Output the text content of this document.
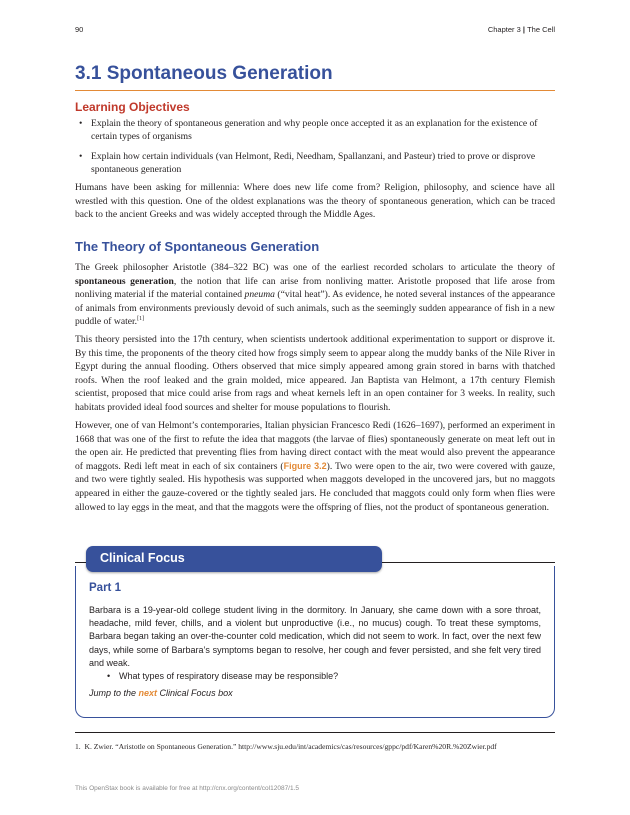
90	Chapter 3 | The Cell
3.1 Spontaneous Generation
Learning Objectives
• Explain the theory of spontaneous generation and why people once accepted it as an explanation for the existence of certain types of organisms
• Explain how certain individuals (van Helmont, Redi, Needham, Spallanzani, and Pasteur) tried to prove or disprove spontaneous generation

Humans have been asking for millennia: Where does new life come from? Religion, philosophy, and science have all wrestled with this question. One of the oldest explanations was the theory of spontaneous generation, which can be traced back to the ancient Greeks and was widely accepted through the Middle Ages.

The Theory of Spontaneous Generation

The Greek philosopher Aristotle (384–322 BC) was one of the earliest recorded scholars to articulate the theory of spontaneous generation, the notion that life can arise from nonliving matter. Aristotle proposed that life arose from nonliving material if the material contained pneuma (“vital heat”). As evidence, he noted several instances of the appearance of animals from environments previously devoid of such animals, such as the seemingly sudden appearance of fish in a new puddle of water.[1]

This theory persisted into the 17th century, when scientists undertook additional experimentation to support or disprove it. By this time, the proponents of the theory cited how frogs simply seem to appear along the muddy banks of the Nile River in Egypt during the annual flooding. Others observed that mice simply appeared among grain stored in barns with thatched roofs. When the roof leaked and the grain molded, mice appeared. Jan Baptista van Helmont, a 17th century Flemish scientist, proposed that mice could arise from rags and wheat kernels left in an open container for 3 weeks. In reality, such habitats provided ideal food sources and shelter for mouse populations to flourish.

However, one of van Helmont’s contemporaries, Italian physician Francesco Redi (1626–1697), performed an experiment in 1668 that was one of the first to refute the idea that maggots (the larvae of flies) spontaneously generate on meat left out in the open air. He predicted that preventing flies from having direct contact with the meat would also prevent the appearance of maggots. Redi left meat in each of six containers (Figure 3.2). Two were open to the air, two were covered with gauze, and two were tightly sealed. His hypothesis was supported when maggots developed in the uncovered jars, but no maggots appeared in either the gauze-covered or the tightly sealed jars. He concluded that maggots could only form when flies were allowed to lay eggs in the meat, and that the maggots were the offspring of flies, not the product of spontaneous generation.

Clinical Focus
Part 1

Barbara is a 19-year-old college student living in the dormitory. In January, she came down with a sore throat, headache, mild fever, chills, and a violent but unproductive (i.e., no mucus) cough. To treat these symptoms, Barbara began taking an over-the-counter cold medication, which did not seem to work. In fact, over the next few days, while some of Barbara’s symptoms began to resolve, her cough and fever persisted, and she felt very tired and weak.

• What types of respiratory disease may be responsible?

Jump to the next Clinical Focus box

1. K. Zwier. “Aristotle on Spontaneous Generation.” http://www.sju.edu/int/academics/cas/resources/gppc/pdf/Karen%20R.%20Zwier.pdf
This OpenStax book is available for free at http://cnx.org/content/col12087/1.5
